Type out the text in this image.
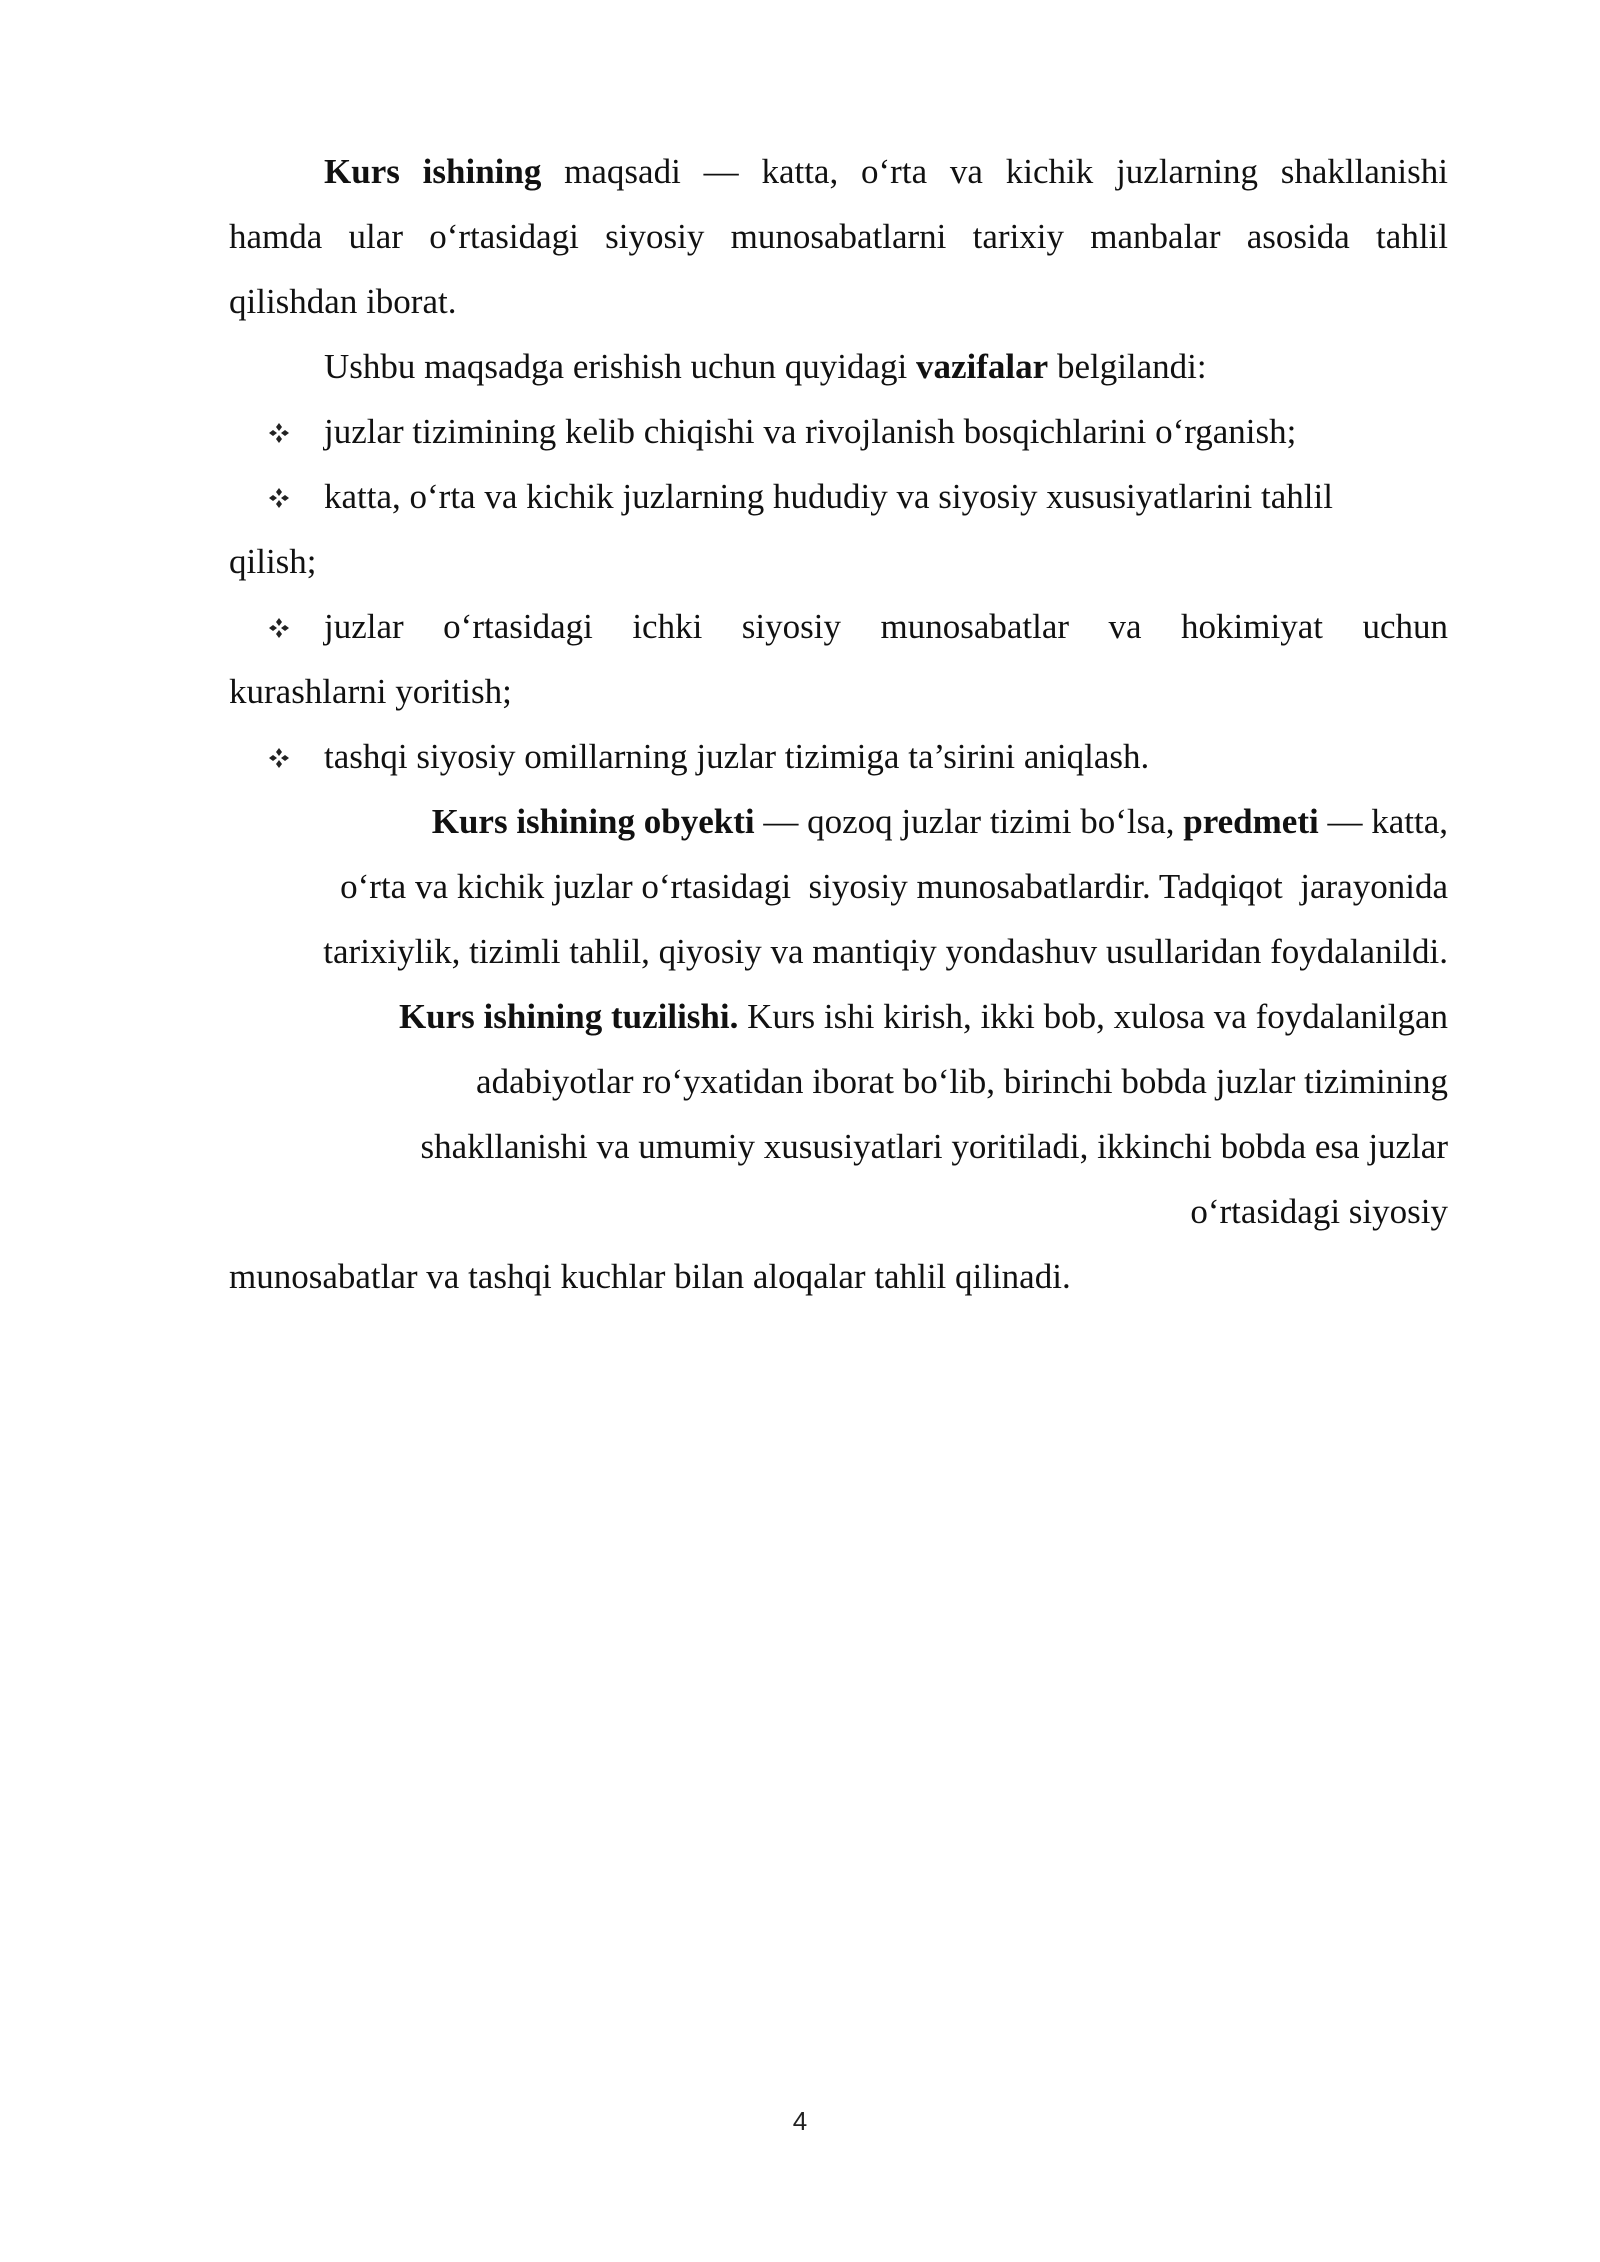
Kurs ishining maqsadi — katta, o‘rta va kichik juzlarning shakllanishi
hamda ular o‘rtasidagi siyosiy munosabatlarni tarixiy manbalar asosida tahlil
qilishdan iborat.
Ushbu maqsadga erishish uchun quyidagi vazifalar belgilandi:
juzlar tizimining kelib chiqishi va rivojlanish bosqichlarini o‘rganish;
katta, o‘rta va kichik juzlarning hududiy va siyosiy xususiyatlarini tahlil
qilish;
juzlar o‘rtasidagi ichki siyosiy munosabatlar va hokimiyat uchun
kurashlarni yoritish;
tashqi siyosiy omillarning juzlar tizimiga ta’sirini aniqlash.
Kurs ishining obyekti — qozoq juzlar tizimi bo‘lsa, predmeti — katta,
o‘rta va kichik juzlar o‘rtasidagi  siyosiy munosabatlardir. Tadqiqot  jarayonida
tarixiylik, tizimli tahlil, qiyosiy va mantiqiy yondashuv usullaridan foydalanildi.
Kurs ishining tuzilishi. Kurs ishi kirish, ikki bob, xulosa va foydalanilgan
adabiyotlar ro‘yxatidan iborat bo‘lib, birinchi bobda juzlar tizimining
shakllanishi va umumiy xususiyatlari yoritiladi, ikkinchi bobda esa juzlar
o‘rtasidagi siyosiy
munosabatlar va tashqi kuchlar bilan aloqalar tahlil qilinadi.
4
